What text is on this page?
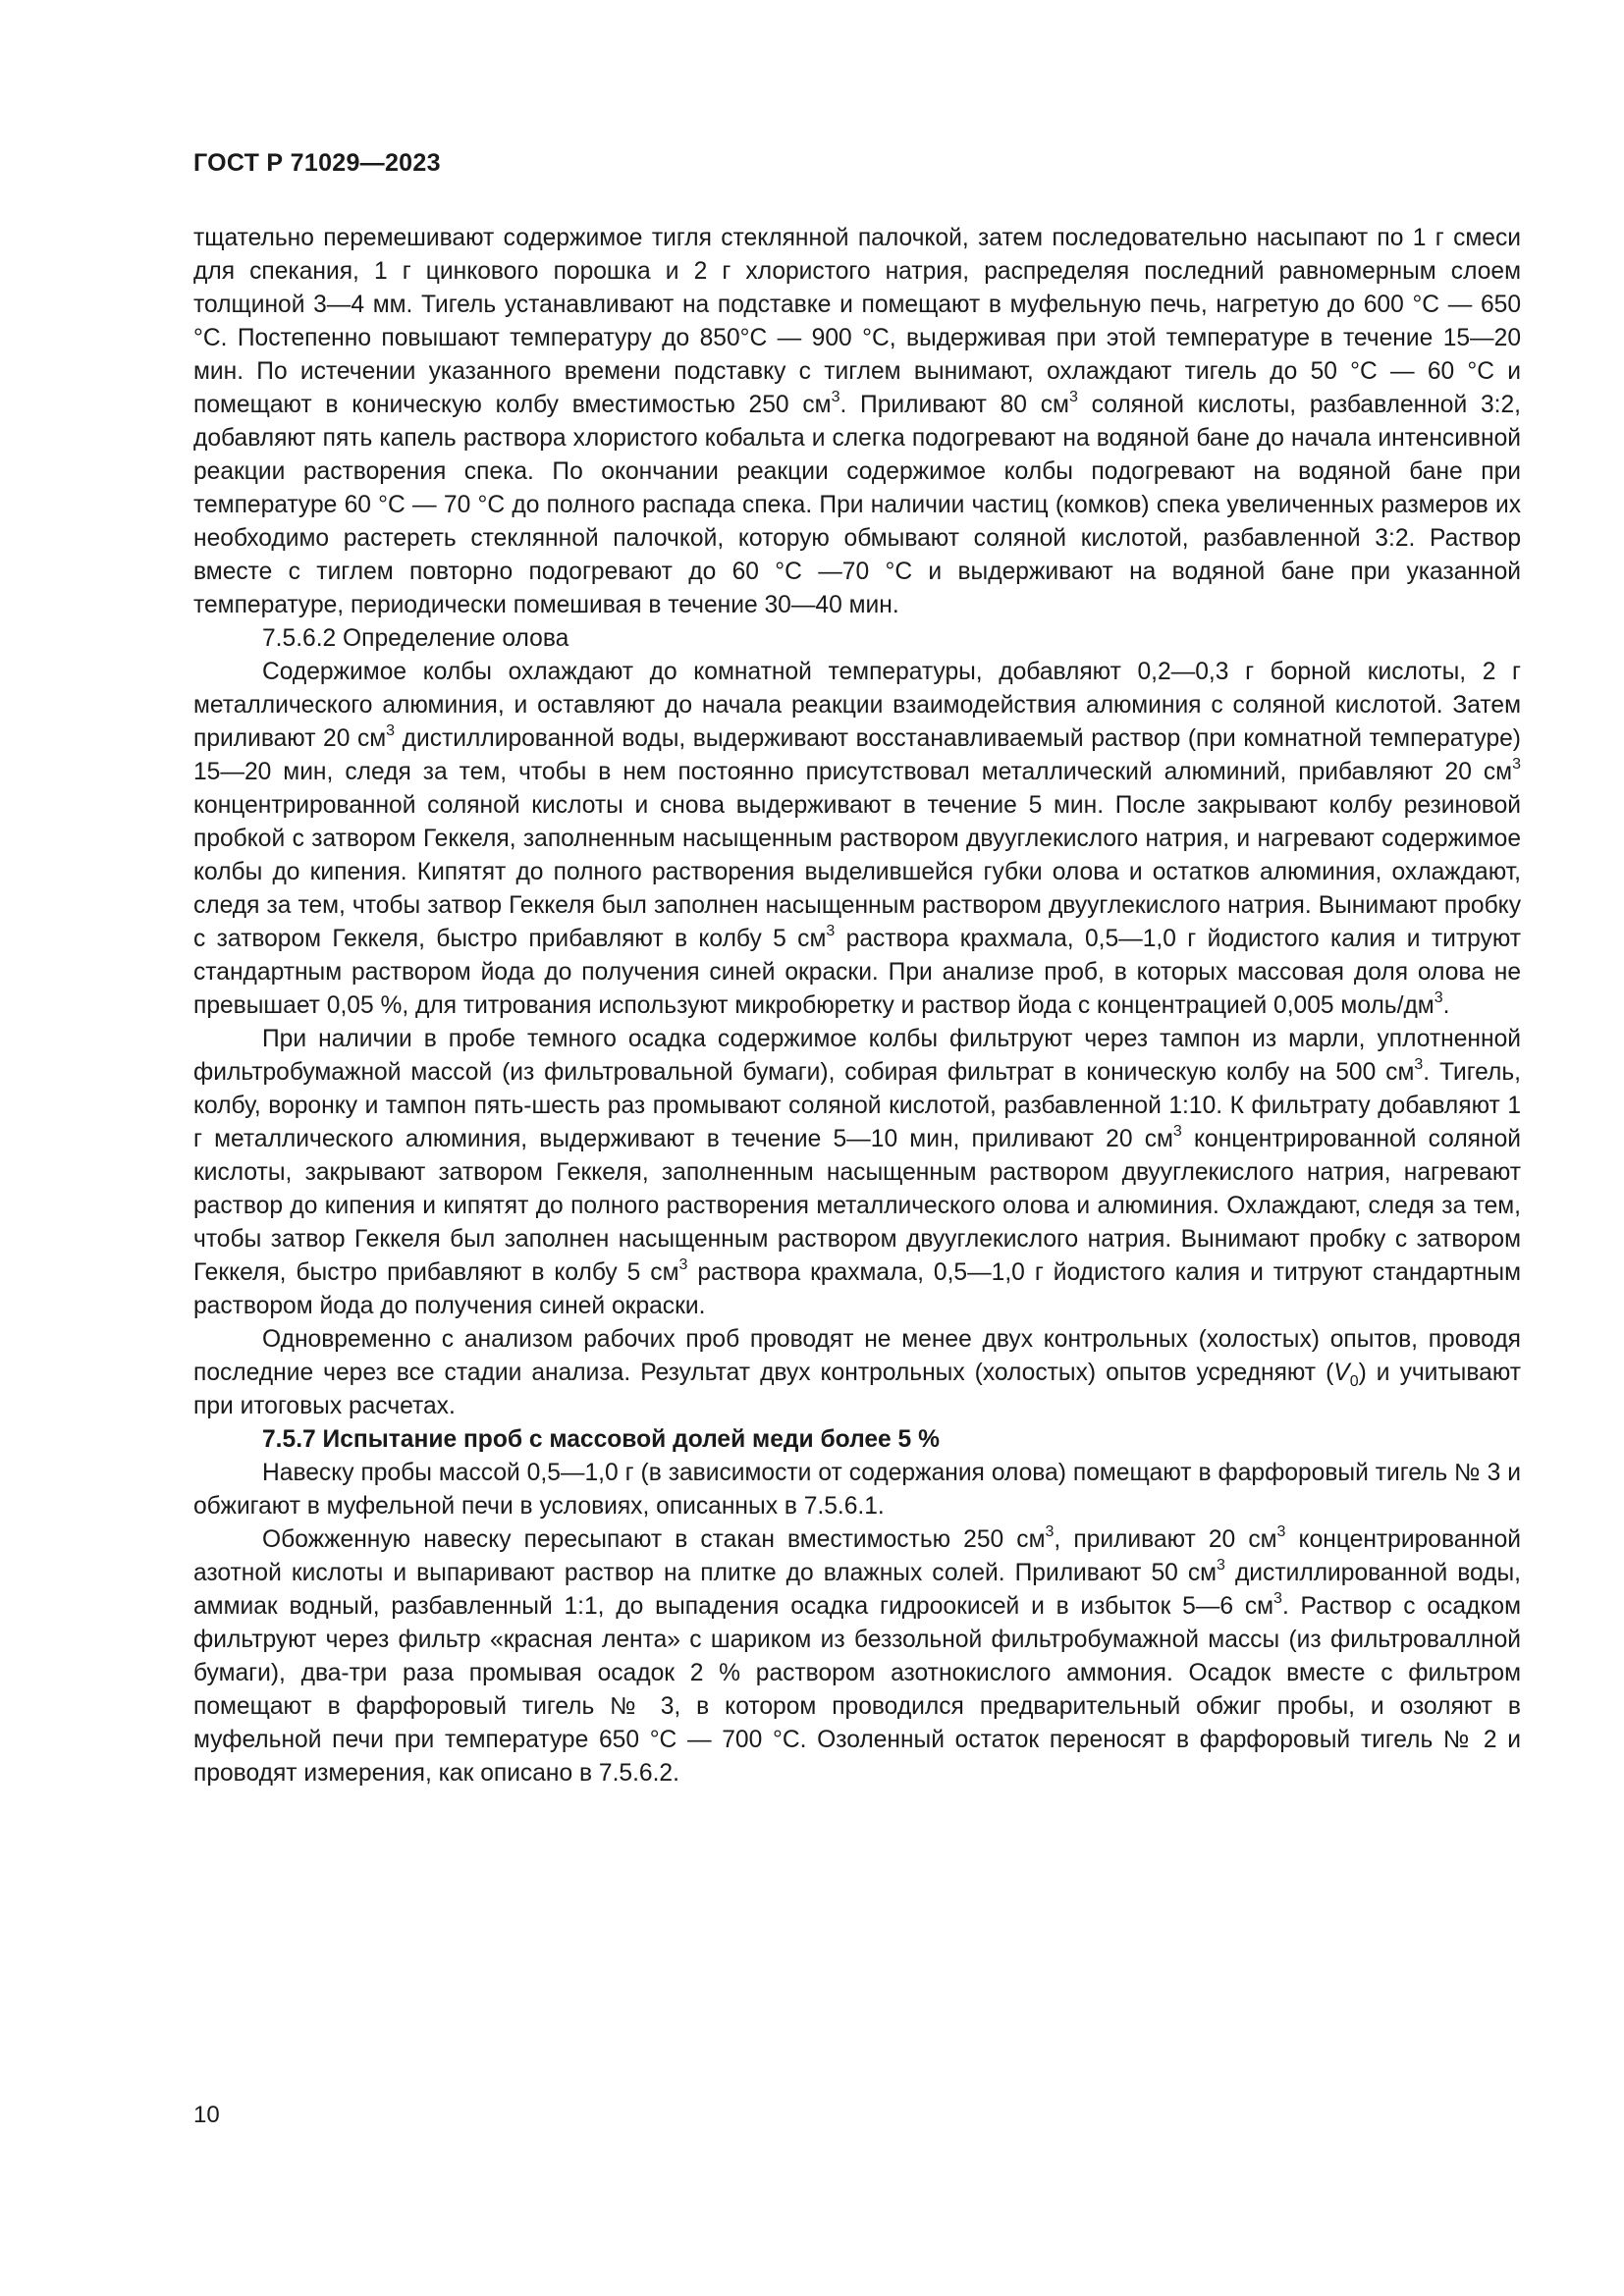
ГОСТ Р 71029—2023

тщательно перемешивают содержимое тигля стеклянной палочкой, затем последовательно насыпают по 1 г смеси для спекания, 1 г цинкового порошка и 2 г хлористого натрия, распределяя последний равномерным слоем толщиной 3—4 мм. Тигель устанавливают на подставке и помещают в муфельную печь, нагретую до 600 °С — 650 °С. Постепенно повышают температуру до 850°С — 900 °С, выдерживая при этой температуре в течение 15—20 мин. По истечении указанного времени подставку с тиглем вынимают, охлаждают тигель до 50 °С — 60 °С и помещают в коническую колбу вместимостью 250 $см^3$. Приливают 80 $см^3$ соляной кислоты, разбавленной 3:2, добавляют пять капель раствора хлористого кобальта и слегка подогревают на водяной бане до начала интенсивной реакции растворения спека. По окончании реакции содержимое колбы подогревают на водяной бане при температуре 60 °С — 70 °С до полного распада спека. При наличии частиц (комков) спека увеличенных размеров их необходимо растереть стеклянной палочкой, которую обмывают соляной кислотой, разбавленной 3:2. Раствор вместе с тиглем повторно подогревают до 60 °С —70 °С и выдерживают на водяной бане при указанной температуре, периодически помешивая в течение 30—40 мин.

7.5.6.2 Определение олова

Содержимое колбы охлаждают до комнатной температуры, добавляют 0,2—0,3 г борной кислоты, 2 г металлического алюминия, и оставляют до начала реакции взаимодействия алюминия с соляной кислотой. Затем приливают 20 $см^3$ дистиллированной воды, выдерживают восстанавливаемый раствор (при комнатной температуре) 15—20 мин, следя за тем, чтобы в нем постоянно присутствовал металлический алюминий, прибавляют 20 $см^3$ концентрированной соляной кислоты и снова выдерживают в течение 5 мин. После закрывают колбу резиновой пробкой с затвором Геккеля, заполненным насыщенным раствором двууглекислого натрия, и нагревают содержимое колбы до кипения. Кипятят до полного растворения выделившейся губки олова и остатков алюминия, охлаждают, следя за тем, чтобы затвор Геккеля был заполнен насыщенным раствором двууглекислого натрия. Вынимают пробку с затвором Геккеля, быстро прибавляют в колбу 5 $см^3$ раствора крахмала, 0,5—1,0 г йодистого калия и титруют стандартным раствором йода до получения синей окраски. При анализе проб, в которых массовая доля олова не превышает 0,05 %, для титрования используют микробюретку и раствор йода с концентрацией 0,005 моль/$дм^3$.

При наличии в пробе темного осадка содержимое колбы фильтруют через тампон из марли, уплотненной фильтробумажной массой (из фильтровальной бумаги), собирая фильтрат в коническую колбу на 500 $см^3$. Тигель, колбу, воронку и тампон пять-шесть раз промывают соляной кислотой, разбавленной 1:10. К фильтрату добавляют 1 г металлического алюминия, выдерживают в течение 5—10 мин, приливают 20 $см^3$ концентрированной соляной кислоты, закрывают затвором Геккеля, заполненным насыщенным раствором двууглекислого натрия, нагревают раствор до кипения и кипятят до полного растворения металлического олова и алюминия. Охлаждают, следя за тем, чтобы затвор Геккеля был заполнен насыщенным раствором двууглекислого натрия. Вынимают пробку с затвором Геккеля, быстро прибавляют в колбу 5 $см^3$ раствора крахмала, 0,5—1,0 г йодистого калия и титруют стандартным раствором йода до получения синей окраски.

Одновременно с анализом рабочих проб проводят не менее двух контрольных (холостых) опытов, проводя последние через все стадии анализа. Результат двух контрольных (холостых) опытов усредняют $(V_0)$ и учитывают при итоговых расчетах.

7.5.7 Испытание проб с массовой долей меди более 5 %

Навеску пробы массой 0,5—1,0 г (в зависимости от содержания олова) помещают в фарфоровый тигель № 3 и обжигают в муфельной печи в условиях, описанных в 7.5.6.1.

Обожженную навеску пересыпают в стакан вместимостью 250 $см^3$, приливают 20 $см^3$ концентрированной азотной кислоты и выпаривают раствор на плитке до влажных солей. Приливают 50 $см^3$ дистиллированной воды, аммиак водный, разбавленный 1:1, до выпадения осадка гидроокисей и в избыток 5—6 $см^3$. Раствор с осадком фильтруют через фильтр «красная лента» с шариком из беззольной фильтробумажной массы (из фильтроваллной бумаги), два-три раза промывая осадок 2 % раствором азотнокислого аммония. Осадок вместе с фильтром помещают в фарфоровый тигель № 3, в котором проводился предварительный обжиг пробы, и озоляют в муфельной печи при температуре 650 °С — 700 °С. Озоленный остаток переносят в фарфоровый тигель № 2 и проводят измерения, как описано в 7.5.6.2.

10
